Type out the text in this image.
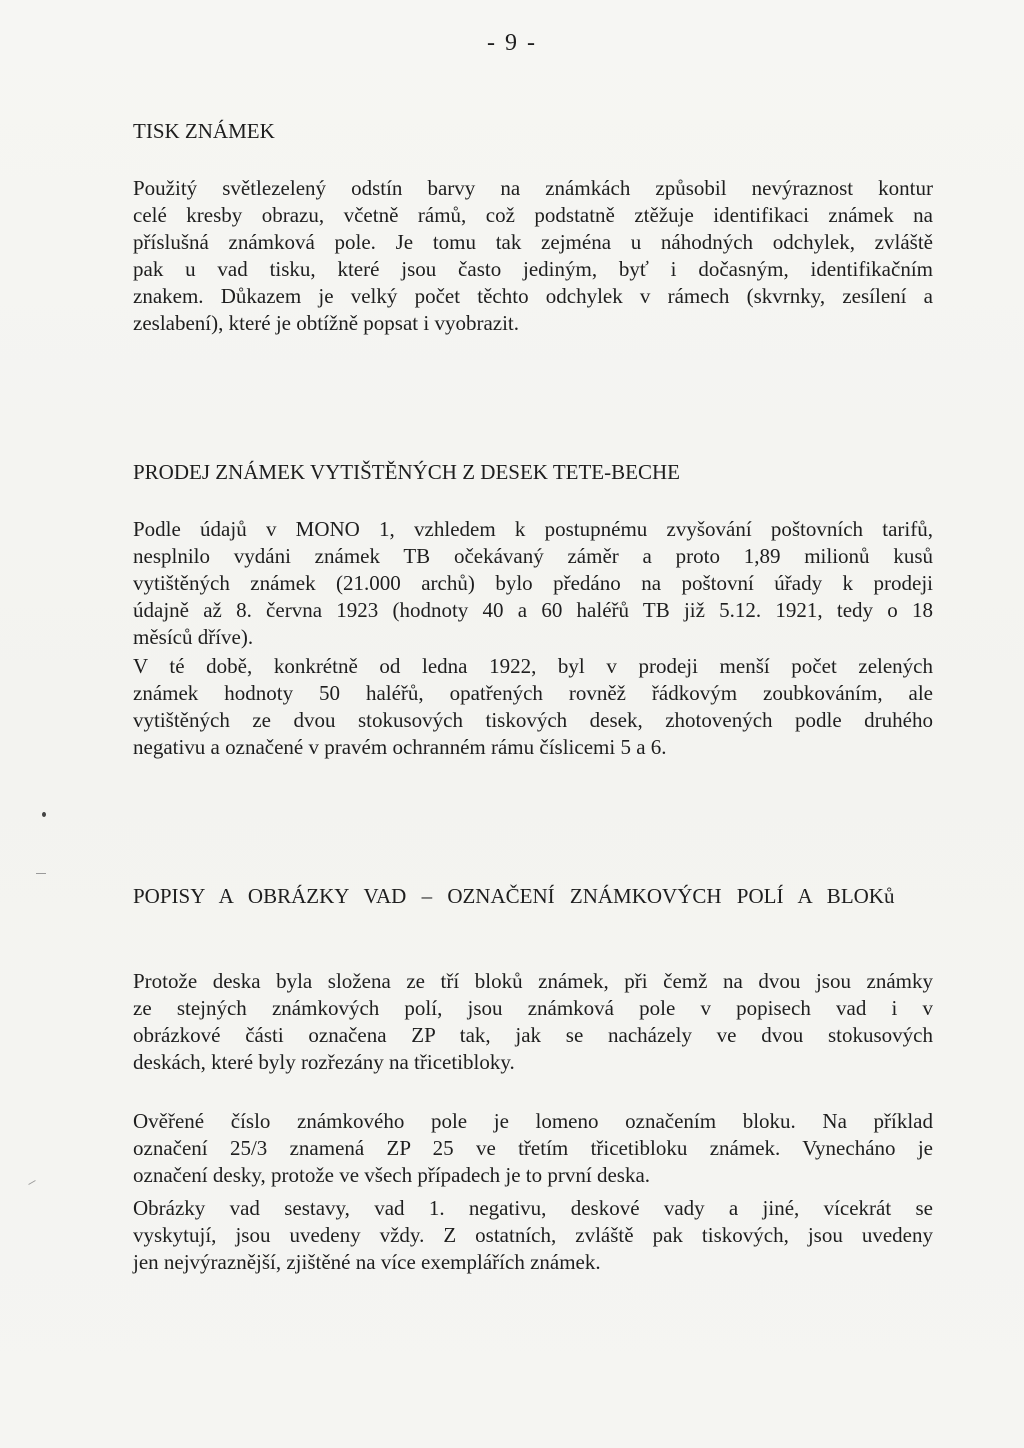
- 9 -
TISK ZNÁMEK
Použitý světlezelený odstín barvy na známkách způsobil nevýraznost kontur
celé kresby obrazu, včetně rámů, což podstatně ztěžuje identifikaci známek na
příslušná známková pole. Je tomu tak zejména u náhodných odchylek, zvláště
pak u vad tisku, které jsou často jediným, byť i dočasným, identifikačním
znakem. Důkazem je velký počet těchto odchylek v rámech (skvrnky, zesílení a
zeslabení), které je obtížně popsat i vyobrazit.
PRODEJ ZNÁMEK VYTIŠTĚNÝCH Z DESEK TETE-BECHE
Podle údajů v MONO 1, vzhledem k postupnému zvyšování poštovních tarifů,
nesplnilo vydáni známek TB očekávaný záměr a proto 1,89 milionů kusů
vytištěných známek (21.000 archů) bylo předáno na poštovní úřady k prodeji
údajně až 8. června 1923 (hodnoty 40 a 60 haléřů TB již 5.12. 1921, tedy o 18
měsíců dříve).
V té době, konkrétně od ledna 1922, byl v prodeji menší počet zelených
známek hodnoty 50 haléřů, opatřených rovněž řádkovým zoubkováním, ale
vytištěných ze dvou stokusových tiskových desek, zhotovených podle druhého
negativu a označené v pravém ochranném rámu číslicemi 5 a 6.
POPISY A OBRÁZKY VAD – OZNAČENÍ ZNÁMKOVÝCH POLÍ A BLOKů
Protože deska byla složena ze tří bloků známek, při čemž na dvou jsou známky
ze stejných známkových polí, jsou známková pole v popisech vad i v
obrázkové části označena ZP tak, jak se nacházely ve dvou stokusových
deskách, které byly rozřezány na třicetibloky.
Ověřené číslo známkového pole je lomeno označením bloku. Na příklad
označení 25/3 znamená ZP 25 ve třetím třicetibloku známek. Vynecháno je
označení desky, protože ve všech případech je to první deska.
Obrázky vad sestavy, vad 1. negativu, deskové vady a jiné, vícekrát se
vyskytují, jsou uvedeny vždy. Z ostatních, zvláště pak tiskových, jsou uvedeny
jen nejvýraznější, zjištěné na více exemplářích známek.
